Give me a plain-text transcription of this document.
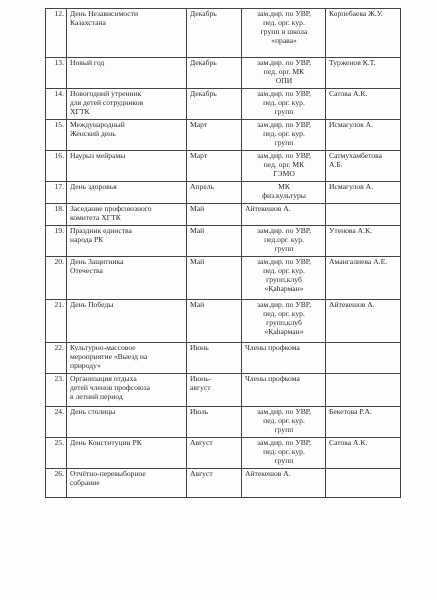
12.	День Независимости
Казахстана	Декабрь	зам.дир. по УВР,
пед. орг. кур.
групп и школа
«права»	Корпебаева Ж.У.

13.	Новый год	Декабрь	зам.дир. по УВР,
пед. орг. МК
ОПИ	Турженов К.Т.

14.	Новогодний утренник
для детей сотрудников
ХГТК	Декабрь	зам.дир. по УВР,
пед. орг. кур.
групп	Сатова А.К.

15.	Международный
Женский день	Март	зам.дир. по УВР,
пед. орг. кур.
групп	Исмагулов А.

16.	Наурыз мейрамы	Март	зам.дир. по УВР,
пед. орг. МК
ГЭМО	Сатмухамбетова
А.Б.

17.	День здоровья	Апрель	МК
физ.культуры	Исмагулов А.

18.	Заседание профсоюзного
комитета ХГТК	Май	Айтекешов А.	

19.	Праздник единства
народа РК	Май	зам.дир. по УВР,
пед.орг. кур.
групп	Утенова А.К.

20.	День Защитника
Отечества	Май	зам.дир. по УВР,
пед. орг. кур.
групп,клуб
«Қаһарман»	Амангалиева А.Е.

21.	День Победы	Май	зам.дир. по УВР,
пед. орг. кур.
групп,клуб
«Қаһарман»	Айтекешов А.

22.	Культурно-массовое
мероприятие «Выезд на
природу»	Июнь	Члены профкома	

23.	Организация отдыха
детей членов профсоюза
в летний период	Июнь-
август	Члены профкома	

24.	День столицы	Июль	зам.дир. по УВР,
пед. орг. кур.
групп	Бекетова Р.А.

25.	День Конституции РК	Август	зам.дир. по УВР,
пед. орг. кур.
групп	Сатова А.К.

26.	Отчётно-перевыборное
собрание	Август	Айтекешов А.	
